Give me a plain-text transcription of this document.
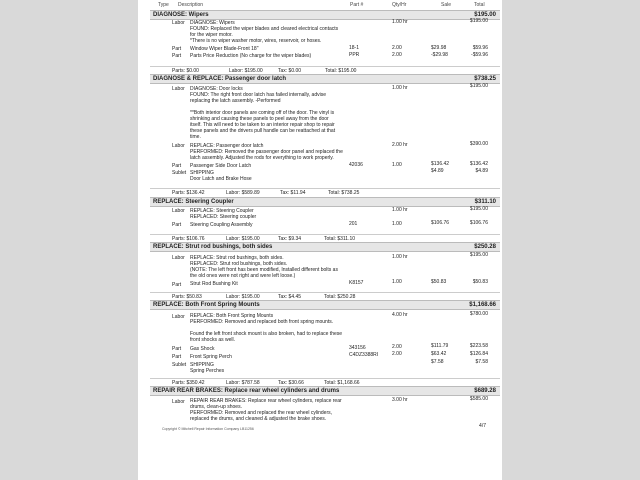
Type Description	Part #	Qty/Hr	Sale	Total
DIAGNOSE: Wipers	$195.00
Labor DIAGNOSE: Wipers
FOUND: Replaced the wiper blades and cleared electrical contacts
for the wiper motor.
*There is no wiper washer motor, wires, reservoir, or hoses.
1.00 hr	$195.00
Part Window Wiper Blade-Front 18"	18-1	2.00	$29.98	$59.96
Part Parts Price Reduction (No charge for the wiper blades)	PPR	2.00	-$29.98	-$59.96
Parts: $0.00	Labor: $195.00	Tax: $0.00	Total: $195.00
DIAGNOSE & REPLACE: Passenger door latch	$738.25
Labor DIAGNOSE: Door locks
FOUND: The right front door latch has failed internally, advise
replacing the latch assembly. -Performed
**Both interior door panels are coming off of the door. The vinyl is
shrinking and causing these panels to peel away from the door
itself. This will need to be taken to an interior repair shop to repair
these panels and the drivers pull handle can be reattached at that
time.
1.00 hr	$195.00
Labor REPLACE: Passenger door latch
PERFORMED: Removed the passenger door panel and replaced the
latch assembly. Adjusted the rods for everything to work properly.
2.00 hr	$390.00
Part Passenger Side Door Latch	42036	1.00	$136.42	$136.42
Sublet SHIPPING
Door Latch and Brake Hose
$4.89	$4.89
Parts: $136.42	Labor: $589.89	Tax: $11.94	Total: $738.25
REPLACE: Steering Coupler	$311.10
Labor REPLACE: Steering Coupler
REPLACED: Steering coupler
1.00 hr	$195.00
Part Steering Coupling Assembly	201	1.00	$106.76	$106.76
Parts: $106.76	Labor: $195.00	Tax: $9.34	Total: $311.10
REPLACE: Strut rod bushings, both sides	$250.28
Labor REPLACE: Strut rod bushings, both sides.
REPLACED: Strut rod bushings, both sides.
(NOTE: The left front has been modified, Installed different bolts as
the old ones were not right and were left loose.)
1.00 hr	$195.00
Part Strut Rod Bushing Kit	K8157	1.00	$50.83	$50.83
Parts: $50.83	Labor: $195.00	Tax: $4.45	Total: $250.28
REPLACE: Both Front Spring Mounts	$1,168.66
Labor REPLACE: Both Front Spring Mounts
PERFORMED: Removed and replaced both front spring mounts.
Found the left front shock mount is also broken, had to replace these
front shocks as well.
4.00 hr	$780.00
Part Gas Shock	343156	2.00	$111.79	$223.58
Part Front Spring Perch	C4DZ3388RI	2.00	$63.42	$126.84
Sublet SHIPPING
Spring Perches
$7.58	$7.58
Parts: $350.42	Labor: $787.58	Tax: $30.66	Total: $1,168.66
REPAIR REAR BRAKES: Replace rear wheel cylinders and drums	$689.28
Labor REPAIR REAR BRAKES: Replace rear wheel cylinders, replace rear
drums, clean-up shoes.
PERFORMED: Removed and replaced the rear wheel cylinders,
replaced the drums, and cleaned & adjusted the brake shoes.
3.00 hr	$585.00
Copyright © Mitchell Repair Information Company LB11256	4/7
